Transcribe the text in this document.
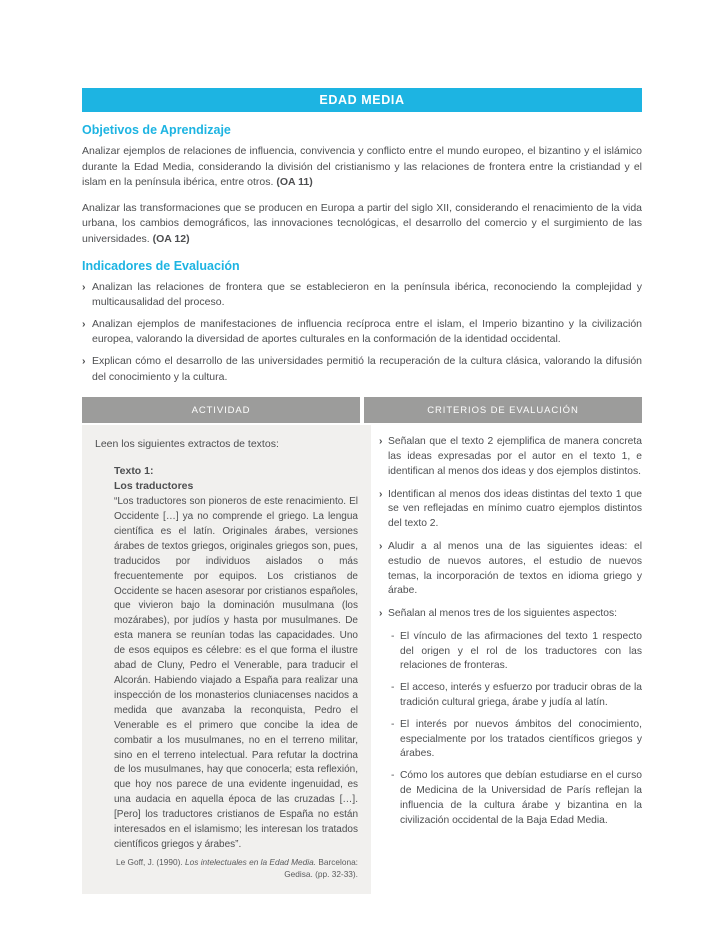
EDAD MEDIA
Objetivos de Aprendizaje

Analizar ejemplos de relaciones de influencia, convivencia y conflicto entre el mundo europeo, el bizantino y el islámico durante la Edad Media, considerando la división del cristianismo y las relaciones de frontera entre la cristiandad y el islam en la península ibérica, entre otros. (OA 11)

Analizar las transformaciones que se producen en Europa a partir del siglo XII, considerando el renacimiento de la vida urbana, los cambios demográficos, las innovaciones tecnológicas, el desarrollo del comercio y el surgimiento de las universidades. (OA 12)

Indicadores de Evaluación
› Analizan las relaciones de frontera que se establecieron en la península ibérica, reconociendo la complejidad y multicausalidad del proceso.
› Analizan ejemplos de manifestaciones de influencia recíproca entre el islam, el Imperio bizantino y la civilización europea, valorando la diversidad de aportes culturales en la conformación de la identidad occidental.
› Explican cómo el desarrollo de las universidades permitió la recuperación de la cultura clásica, valorando la difusión del conocimiento y la cultura.
ACTIVIDAD	CRITERIOS DE EVALUACIÓN

Leen los siguientes extractos de textos:

Texto 1:
Los traductores
“Los traductores son pioneros de este renacimiento. El Occidente […] ya no comprende el griego. La lengua científica es el latín. Originales árabes, versiones árabes de textos griegos, originales griegos son, pues, traducidos por individuos aislados o más frecuentemente por equipos. Los cristianos de Occidente se hacen asesorar por cristianos españoles, que vivieron bajo la dominación musulmana (los mozárabes), por judíos y hasta por musulmanes. De esta manera se reunían todas las capacidades. Uno de esos equipos es célebre: es el que forma el ilustre abad de Cluny, Pedro el Venerable, para traducir el Alcorán. Habiendo viajado a España para realizar una inspección de los monasterios cluniacenses nacidos a medida que avanzaba la reconquista, Pedro el Venerable es el primero que concibe la idea de combatir a los musulmanes, no en el terreno militar, sino en el terreno intelectual. Para refutar la doctrina de los musulmanes, hay que conocerla; esta reflexión, que hoy nos parece de una evidente ingenuidad, es una audacia en aquella época de las cruzadas […]. [Pero] los traductores cristianos de España no están interesados en el islamismo; les interesan los tratados científicos griegos y árabes”.
Le Goff, J. (1990). Los intelectuales en la Edad Media. Barcelona: Gedisa. (pp. 32-33).
› Señalan que el texto 2 ejemplifica de manera concreta las ideas expresadas por el autor en el texto 1, e identifican al menos dos ideas y dos ejemplos distintos.
› Identifican al menos dos ideas distintas del texto 1 que se ven reflejadas en mínimo cuatro ejemplos distintos del texto 2.
› Aludir a al menos una de las siguientes ideas: el estudio de nuevos autores, el estudio de nuevos temas, la incorporación de textos en idioma griego y árabe.
› Señalan al menos tres de los siguientes aspectos:
- El vínculo de las afirmaciones del texto 1 respecto del origen y el rol de los traductores con las relaciones de fronteras.
- El acceso, interés y esfuerzo por traducir obras de la tradición cultural griega, árabe y judía al latín.
- El interés por nuevos ámbitos del conocimiento, especialmente por los tratados científicos griegos y árabes.
- Cómo los autores que debían estudiarse en el curso de Medicina de la Universidad de París reflejan la influencia de la cultura árabe y bizantina en la civilización occidental de la Baja Edad Media.
